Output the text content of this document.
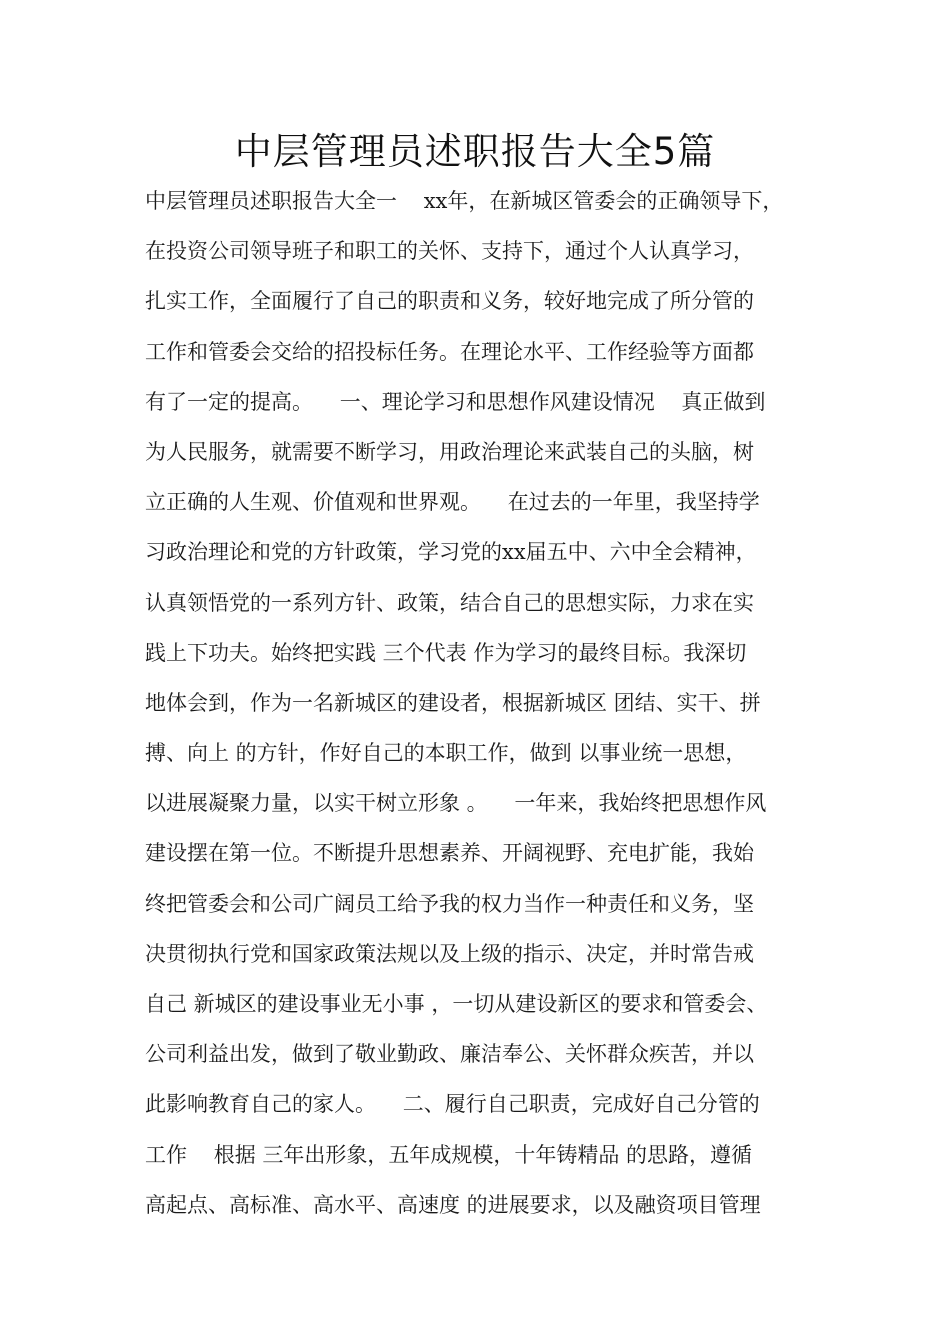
中层管理员述职报告大全5篇
中层管理员述职报告大全一    xx年，在新城区管委会的正确领导下，
在投资公司领导班子和职工的关怀、支持下，通过个人认真学习，
扎实工作，全面履行了自己的职责和义务，较好地完成了所分管的
工作和管委会交给的招投标任务。在理论水平、工作经验等方面都
有了一定的提高。    一、理论学习和思想作风建设情况    真正做到
为人民服务，就需要不断学习，用政治理论来武装自己的头脑，树
立正确的人生观、价值观和世界观。    在过去的一年里，我坚持学
习政治理论和党的方针政策，学习党的xx届五中、六中全会精神，
认真领悟党的一系列方针、政策，结合自己的思想实际，力求在实
践上下功夫。始终把实践 三个代表 作为学习的最终目标。我深切
地体会到，作为一名新城区的建设者，根据新城区 团结、实干、拼
搏、向上 的方针，作好自己的本职工作，做到 以事业统一思想，
以进展凝聚力量，以实干树立形象 。    一年来，我始终把思想作风
建设摆在第一位。不断提升思想素养、开阔视野、充电扩能，我始
终把管委会和公司广阔员工给予我的权力当作一种责任和义务，坚
决贯彻执行党和国家政策法规以及上级的指示、决定，并时常告戒
自己 新城区的建设事业无小事 ，一切从建设新区的要求和管委会、
公司利益出发，做到了敬业勤政、廉洁奉公、关怀群众疾苦，并以
此影响教育自己的家人。    二、履行自己职责，完成好自己分管的
工作    根据 三年出形象，五年成规模，十年铸精品 的思路，遵循
高起点、高标准、高水平、高速度 的进展要求，以及融资项目管理
